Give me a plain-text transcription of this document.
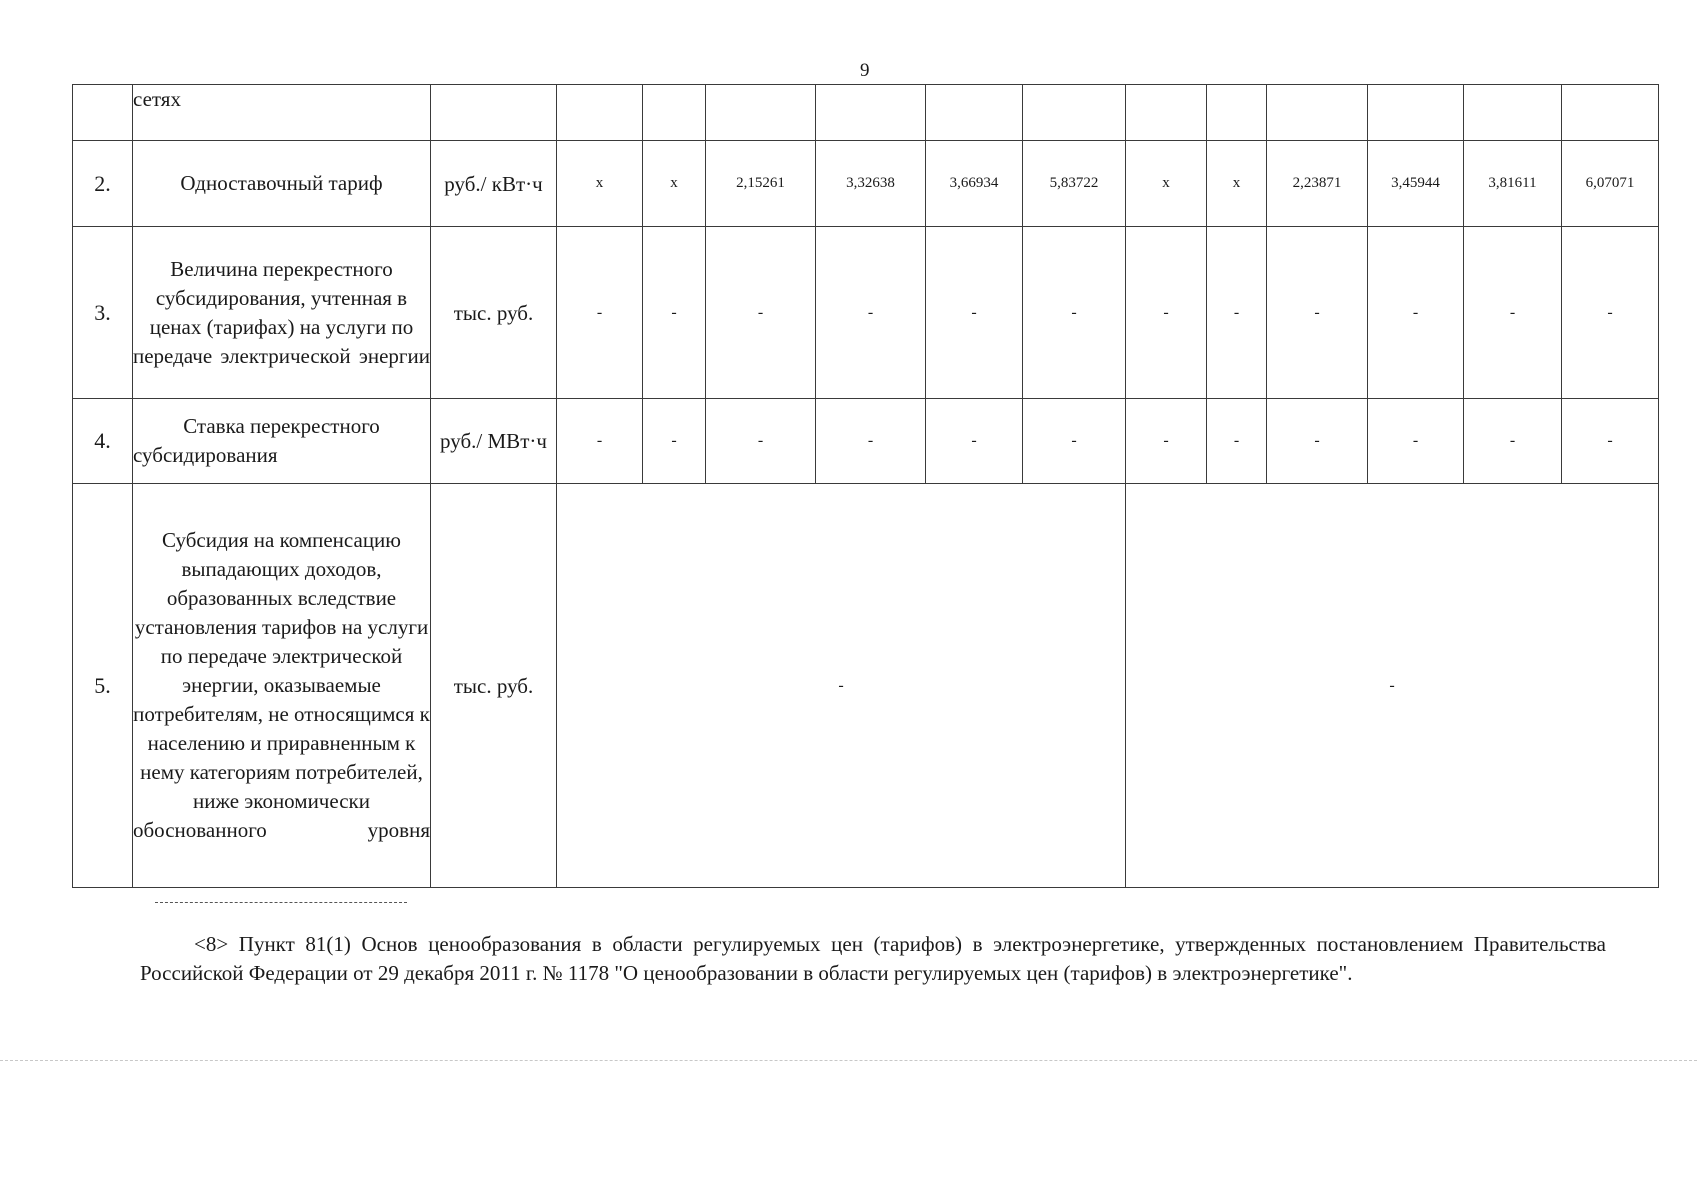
9
	сетях													
2.	Одноставочный тариф	руб./ кВт·ч	х	х	2,15261	3,32638	3,66934	5,83722	х	х	2,23871	3,45944	3,81611	6,07071
3.	Величина перекрестного субсидирования, учтенная в ценах (тарифах) на услуги по передаче электрической энергии	тыс. руб.	-	-	-	-	-	-	-	-	-	-	-	-
4.	Ставка перекрестного субсидирования	руб./ МВт·ч	-	-	-	-	-	-	-	-	-	-	-	-
5.	Субсидия на компенсацию выпадающих доходов, образованных вследствие установления тарифов на услуги по передаче электрической энергии, оказываемые потребителям, не относящимся к населению и приравненным к нему категориям потребителей, ниже экономически обоснованного уровня	тыс. руб.	-						-					
<8> Пункт 81(1) Основ ценообразования в области регулируемых цен (тарифов) в электроэнергетике, утвержденных постановлением Правительства Российской Федерации от 29 декабря 2011 г. № 1178 "О ценообразовании в области регулируемых цен (тарифов) в электроэнергетике".
